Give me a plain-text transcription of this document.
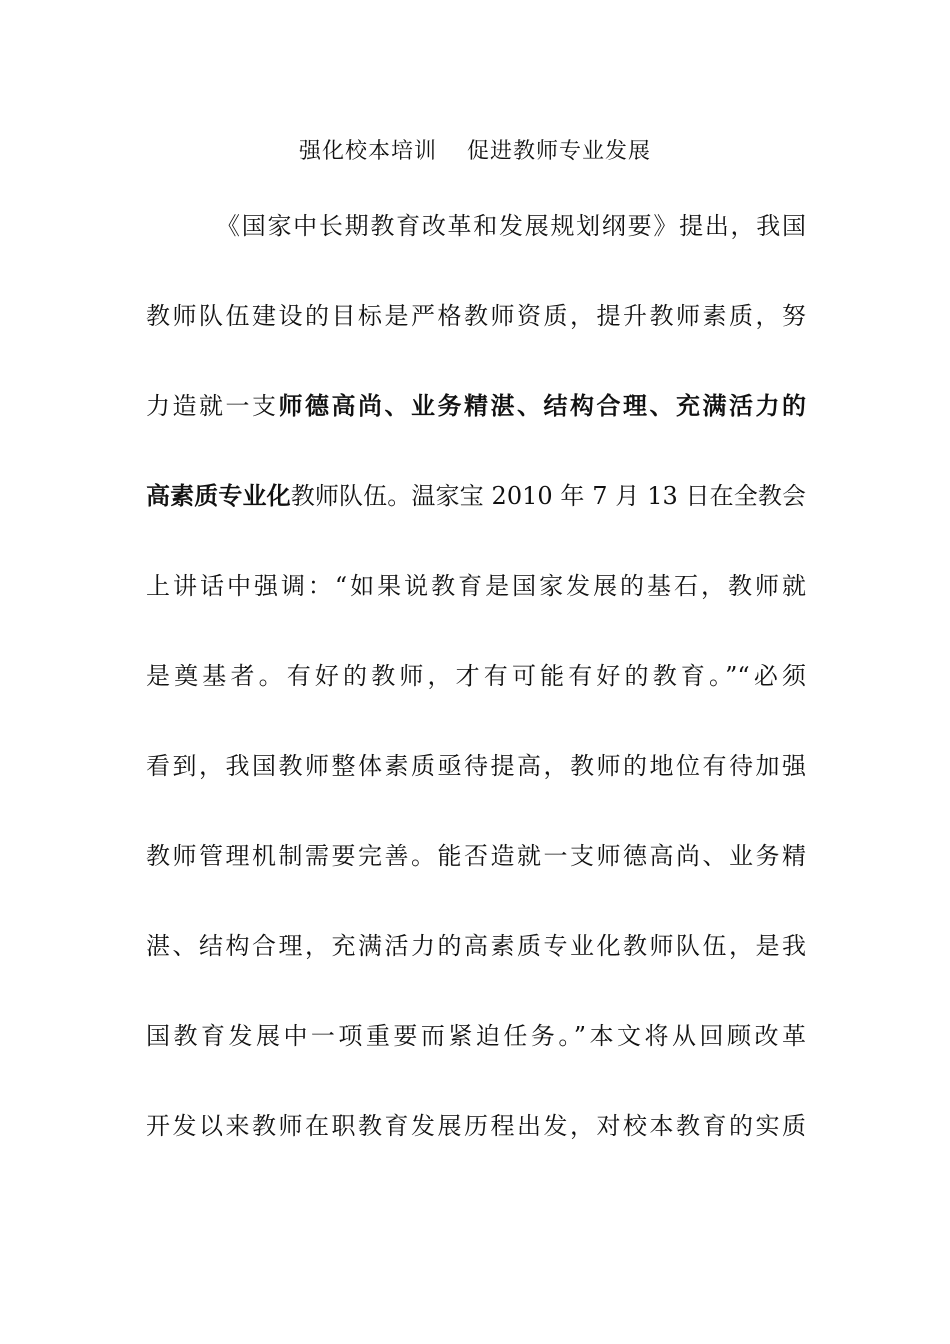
强化校本培训 促进教师专业发展
《国家中长期教育改革和发展规划纲要》提出，我国
教师队伍建设的目标是严格教师资质，提升教师素质，努
力造就一支师德高尚、业务精湛、结构合理、充满活力的
高素质专业化教师队伍。温家宝 2010 年 7 月 13 日在全教会
上讲话中强调：“如果说教育是国家发展的基石，教师就
是奠基者。有好的教师，才有可能有好的教育。”“必须
看到，我国教师整体素质亟待提高，教师的地位有待加强
教师管理机制需要完善。能否造就一支师德高尚、业务精
湛、结构合理，充满活力的高素质专业化教师队伍，是我
国教育发展中一项重要而紧迫任务。”本文将从回顾改革
开发以来教师在职教育发展历程出发，对校本教育的实质
